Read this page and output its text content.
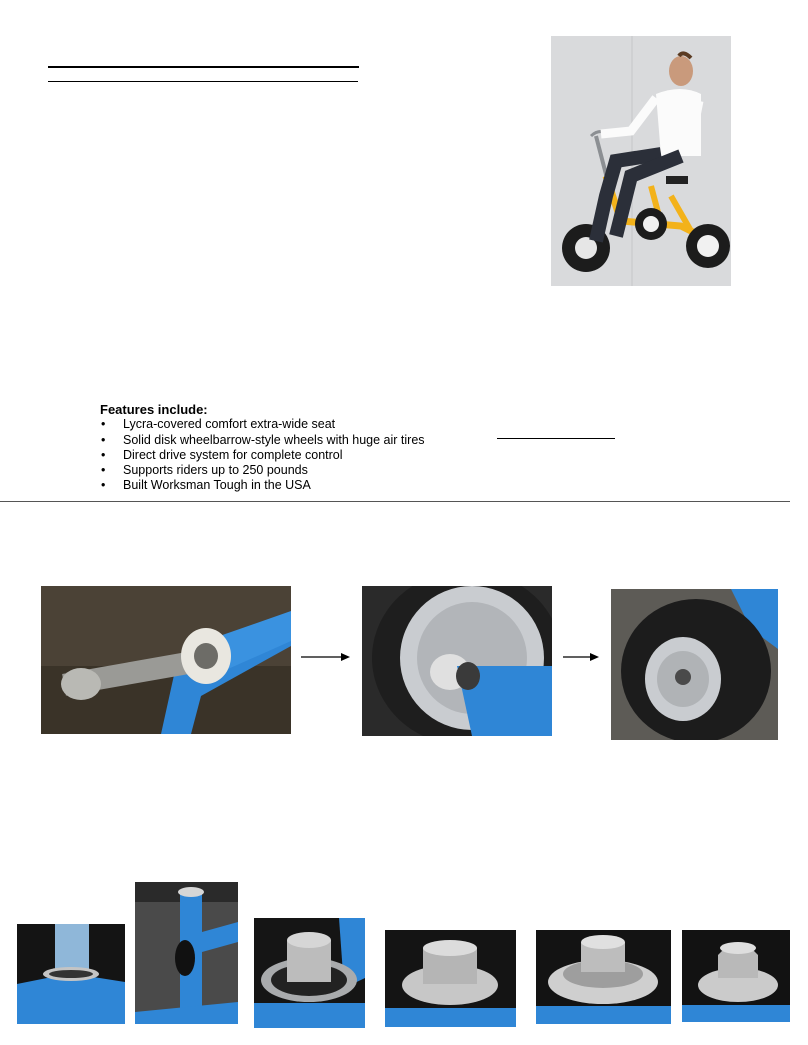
Features include:
• Lycra-covered comfort extra-wide seat
• Solid disk wheelbarrow-style wheels with huge air tires
• Direct drive system for complete control
• Supports riders up to 250 pounds
• Built Worksman Tough in the USA
